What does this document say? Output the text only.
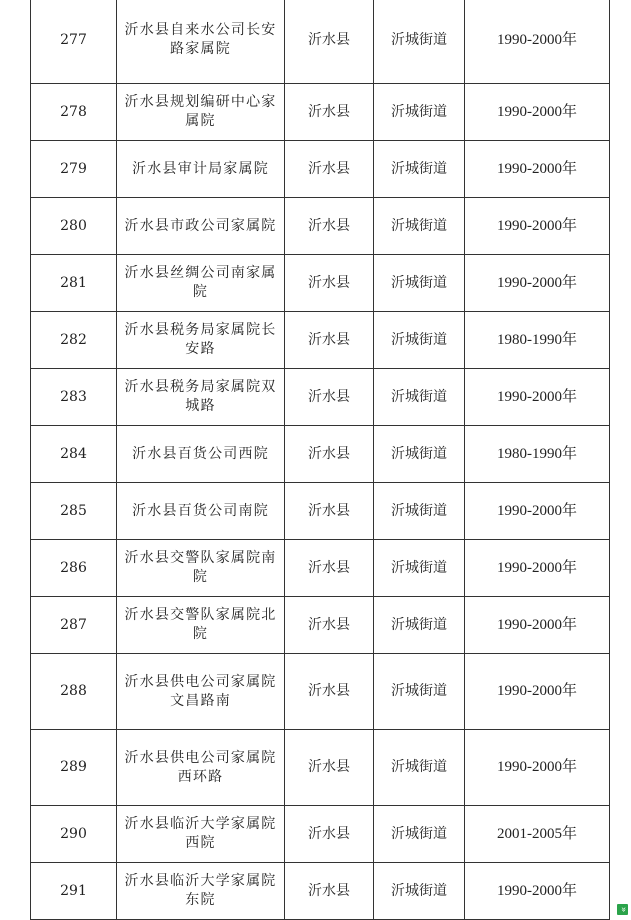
277	沂水县自来水公司长安路家属院	沂水县	沂城街道	1990-2000年
278	沂水县规划编研中心家属院	沂水县	沂城街道	1990-2000年
279	沂水县审计局家属院	沂水县	沂城街道	1990-2000年
280	沂水县市政公司家属院	沂水县	沂城街道	1990-2000年
281	沂水县丝绸公司南家属院	沂水县	沂城街道	1990-2000年
282	沂水县税务局家属院长安路	沂水县	沂城街道	1980-1990年
283	沂水县税务局家属院双城路	沂水县	沂城街道	1990-2000年
284	沂水县百货公司西院	沂水县	沂城街道	1980-1990年
285	沂水县百货公司南院	沂水县	沂城街道	1990-2000年
286	沂水县交警队家属院南院	沂水县	沂城街道	1990-2000年
287	沂水县交警队家属院北院	沂水县	沂城街道	1990-2000年
288	沂水县供电公司家属院文昌路南	沂水县	沂城街道	1990-2000年
289	沂水县供电公司家属院西环路	沂水县	沂城街道	1990-2000年
290	沂水县临沂大学家属院西院	沂水县	沂城街道	2001-2005年
291	沂水县临沂大学家属院东院	沂水县	沂城街道	1990-2000年
»
